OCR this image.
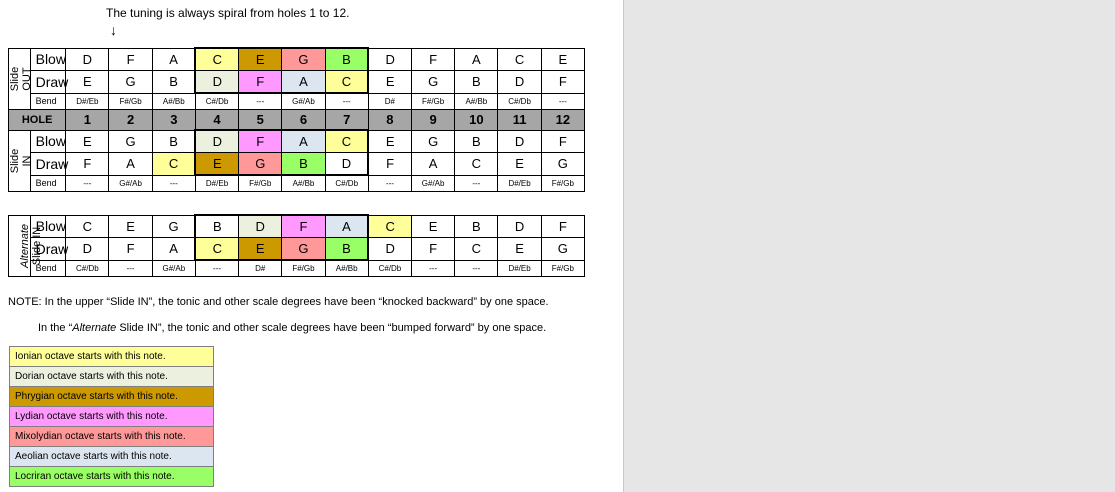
The tuning is always spiral from holes 1 to 12.
↓
Slide
OUT	Blow	D	F	A	C	E	G	B	D	F	A	C	E
	Draw	E	G	B	D	F	A	C	E	G	B	D	F
	Bend	D#/Eb	F#/Gb	A#/Bb	C#/Db	---	G#/Ab	---	D#	F#/Gb	A#/Bb	C#/Db	---
HOLE		1	2	3	4	5	6	7	8	9	10	11	12
Slide
IN	Blow	E	G	B	D	F	A	C	E	G	B	D	F
	Draw	F	A	C	E	G	B	D	F	A	C	E	G
	Bend	---	G#/Ab	---	D#/Eb	F#/Gb	A#/Bb	C#/Db	---	G#/Ab	---	D#/Eb	F#/Gb
Alternate
Slide IN	Blow	C	E	G	B	D	F	A	C	E	B	D	F
	Draw	D	F	A	C	E	G	B	D	F	C	E	G
	Bend	C#/Db	---	G#/Ab	---	D#	F#/Gb	A#/Bb	C#/Db	---	---	D#/Eb	F#/Gb
NOTE: In the upper “Slide IN”, the tonic and other scale degrees have been “knocked backward” by one space.
In the “Alternate Slide IN”, the tonic and other scale degrees have been “bumped forward” by one space.
Ionian octave starts with this note.
Dorian octave starts with this note.
Phrygian octave starts with this note.
Lydian octave starts with this note.
Mixolydian octave starts with this note.
Aeolian octave starts with this note.
Locriran octave starts with this note.
